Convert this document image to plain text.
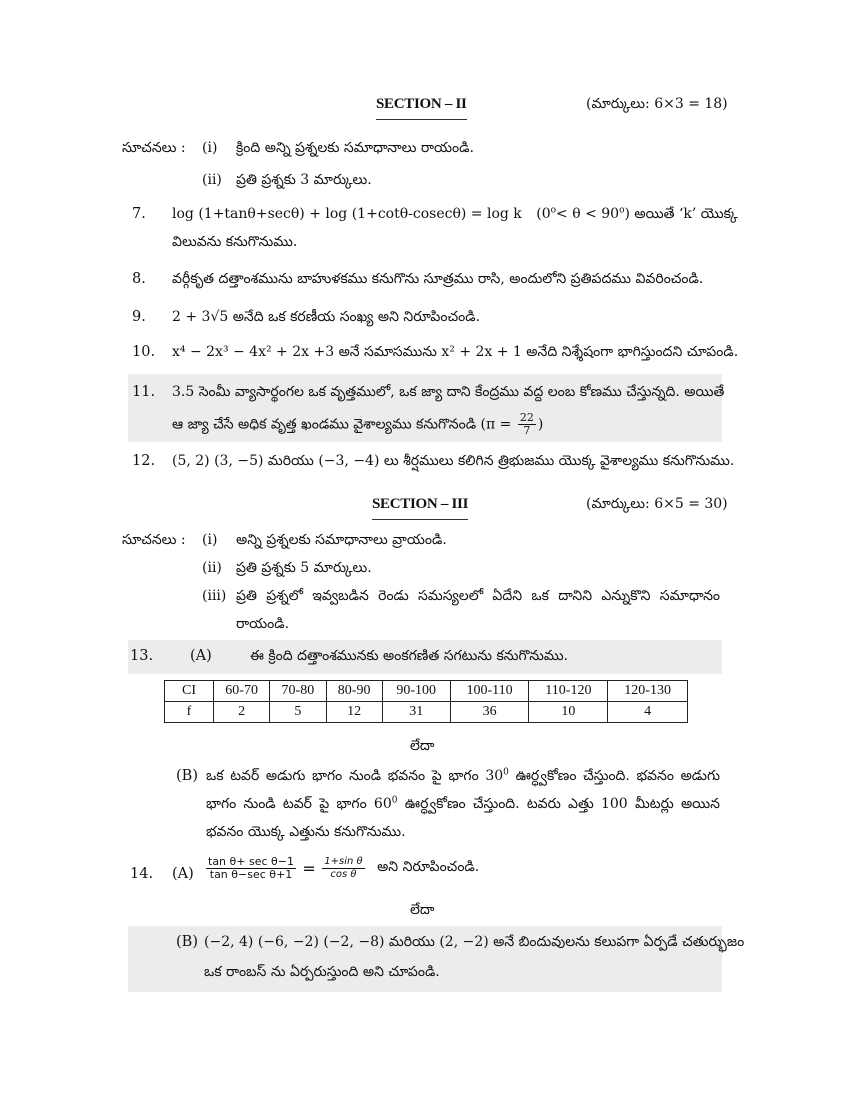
SECTION – II	(మార్కులు: 6×3 = 18)
సూచనలు : (i) క్రింది అన్ని ప్రశ్నలకు సమాధానాలు రాయండి.
(ii) ప్రతి ప్రశ్నకు 3 మార్కులు.
7. log (1+tanθ+secθ) + log (1+cotθ-cosecθ) = log k $(0^o< \theta < 90^o)$ అయితే ‘k’ యొక్క
విలువను కనుగొనుము.
8. వర్గీకృత దత్తాంశమును బాహుళకము కనుగొను సూత్రము రాసి, అందులోని ప్రతిపదము వివరించండి.
9. 2 + 3√5 అనేది ఒక కరణీయ సంఖ్య అని నిరూపించండి.
10. x⁴ − 2x³ − 4x² + 2x +3 అనే సమాసమును x² + 2x + 1 అనేది నిశ్శేషంగా భాగిస్తుందని చూపండి.
11. 3.5 సెంమీ వ్యాసార్థంగల ఒక వృత్తములో, ఒక జ్యా దాని కేంద్రము వద్ద లంబ కోణము చేస్తున్నది. అయితే
ఆ జ్యా చేసే అధిక వృత్త ఖండము వైశాల్యము కనుగొనండి ($\pi = \frac{22}{7}$ )
12. (5, 2) (3, −5) మరియు (−3, −4) లు శీర్షములు కలిగిన త్రిభుజము యొక్క వైశాల్యము కనుగొనుము.
SECTION – III	(మార్కులు: 6×5 = 30)
సూచనలు : (i) అన్ని ప్రశ్నలకు సమాధానాలు వ్రాయండి.
(ii) ప్రతి ప్రశ్నకు 5 మార్కులు.
(iii) ప్రతి ప్రశ్నలో ఇవ్వబడిన రెండు సమస్యలలో ఏదేని ఒక దానిని ఎన్నుకొని సమాధానం
రాయండి.
13.	(A)	ఈ క్రింది దత్తాంశమునకు అంకగణిత సగటును కనుగొనుము.
CI	60-70	70-80	80-90	90-100	100-110	110-120	120-130
f	2	5	12	31	36	10	4
లేదా
(B) ఒక టవర్ అడుగు భాగం నుండి భవనం పై భాగం $30^0$ ఊర్ధ్వకోణం చేస్తుంది. భవనం అడుగు
భాగం నుండి టవర్ పై భాగం $60^0$ ఊర్ధ్వకోణం చేస్తుంది. టవరు ఎత్తు 100 మీటర్లు అయిన
భవనం యొక్క ఎత్తును కనుగొనుము.
14. $(A) \frac{\text{tan θ+ sec θ−1}}{\text{tan θ−sec θ+1}} = \frac{\text{1+sin θ}}{\text{cos θ}}$ అని నిరూపించండి.
లేదా
(B) (−2, 4) (−6, −2) (−2, −8) మరియు (2, −2) అనే బిందువులను కలుపగా ఏర్పడే చతుర్భుజం
ఒక రాంబస్ ను ఏర్పరుస్తుంది అని చూపండి.
